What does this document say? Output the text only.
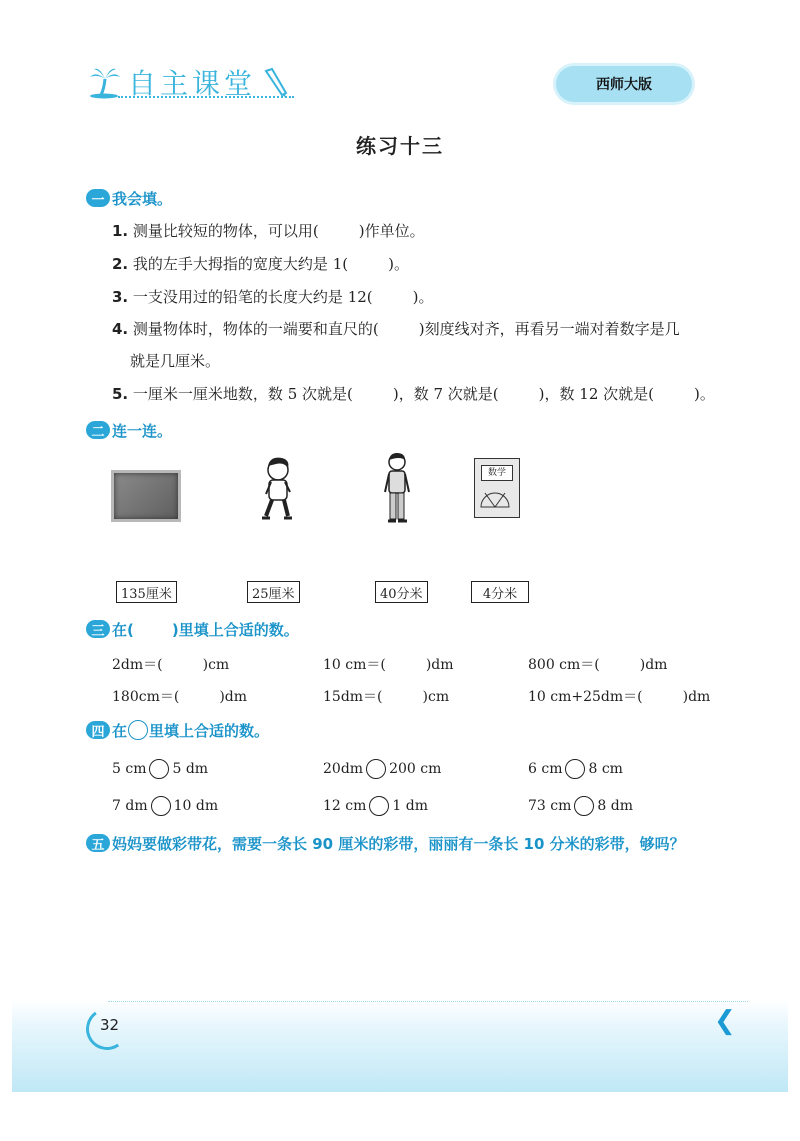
自主课堂	西师大版
练习十三
一 我会填。
1. 测量比较短的物体，可以用(	)作单位。
2. 我的左手大拇指的宽度大约是 1(	)。
3. 一支没用过的铅笔的长度大约是 12(	)。
4. 测量物体时，物体的一端要和直尺的(	)刻度线对齐，再看另一端对着数字是几
就是几厘米。
5. 一厘米一厘米地数，数 5 次就是(	)，数 7 次就是(	)，数 12 次就是(	)。
二 连一连。
数学
135厘米	25厘米	40分米	4分米
三 在(	)里填上合适的数。
2dm＝(	)cm	10 cm＝(	)dm	800 cm＝(	)dm
180cm＝(	)dm	15dm＝(	)cm	10 cm+25dm＝(	)dm
四 在 里填上合适的数。
5 cm 5 dm	20dm 200 cm	6 cm 8 cm
7 dm 10 dm	12 cm 1 dm	73 cm 8 dm
五 妈妈要做彩带花，需要一条长 90 厘米的彩带，丽丽有一条长 10 分米的彩带，够吗？
32	❮
